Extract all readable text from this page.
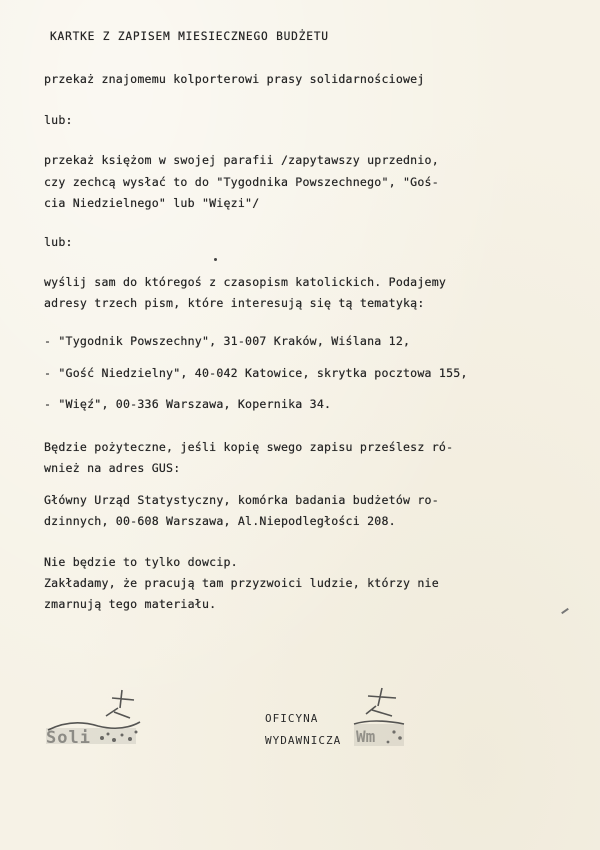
KARTKE Z ZAPISEM MIESIECZNEGO BUDŻETU
przekaż znajomemu kolporterowi prasy solidarnościowej
lub:
przekaż księżom w swojej parafii /zapytawszy uprzednio,
czy zechcą wysłać to do "Tygodnika Powszechnego", "Goś-
cia Niedzielnego" lub "Więzi"/
lub:
wyślij sam do któregoś z czasopism katolickich. Podajemy
adresy trzech pism, które interesują się tą tematyką:
- "Tygodnik Powszechny", 31-007 Kraków, Wiślana 12,
- "Gość Niedzielny", 40-042 Katowice, skrytka pocztowa 155,
- "Więź", 00-336 Warszawa, Kopernika 34.
Będzie pożyteczne, jeśli kopię swego zapisu prześlesz ró-
wnież na adres GUS:
Główny Urząd Statystyczny, komórka badania budżetów ro-
dzinnych, 00-608 Warszawa, Al.Niepodległości 208.
Nie będzie to tylko dowcip.
Zakładamy, że pracują tam przyzwoici ludzie, którzy nie
zmarnują tego materiału.
Soli
OFICYNA
WYDAWNICZA Wm
